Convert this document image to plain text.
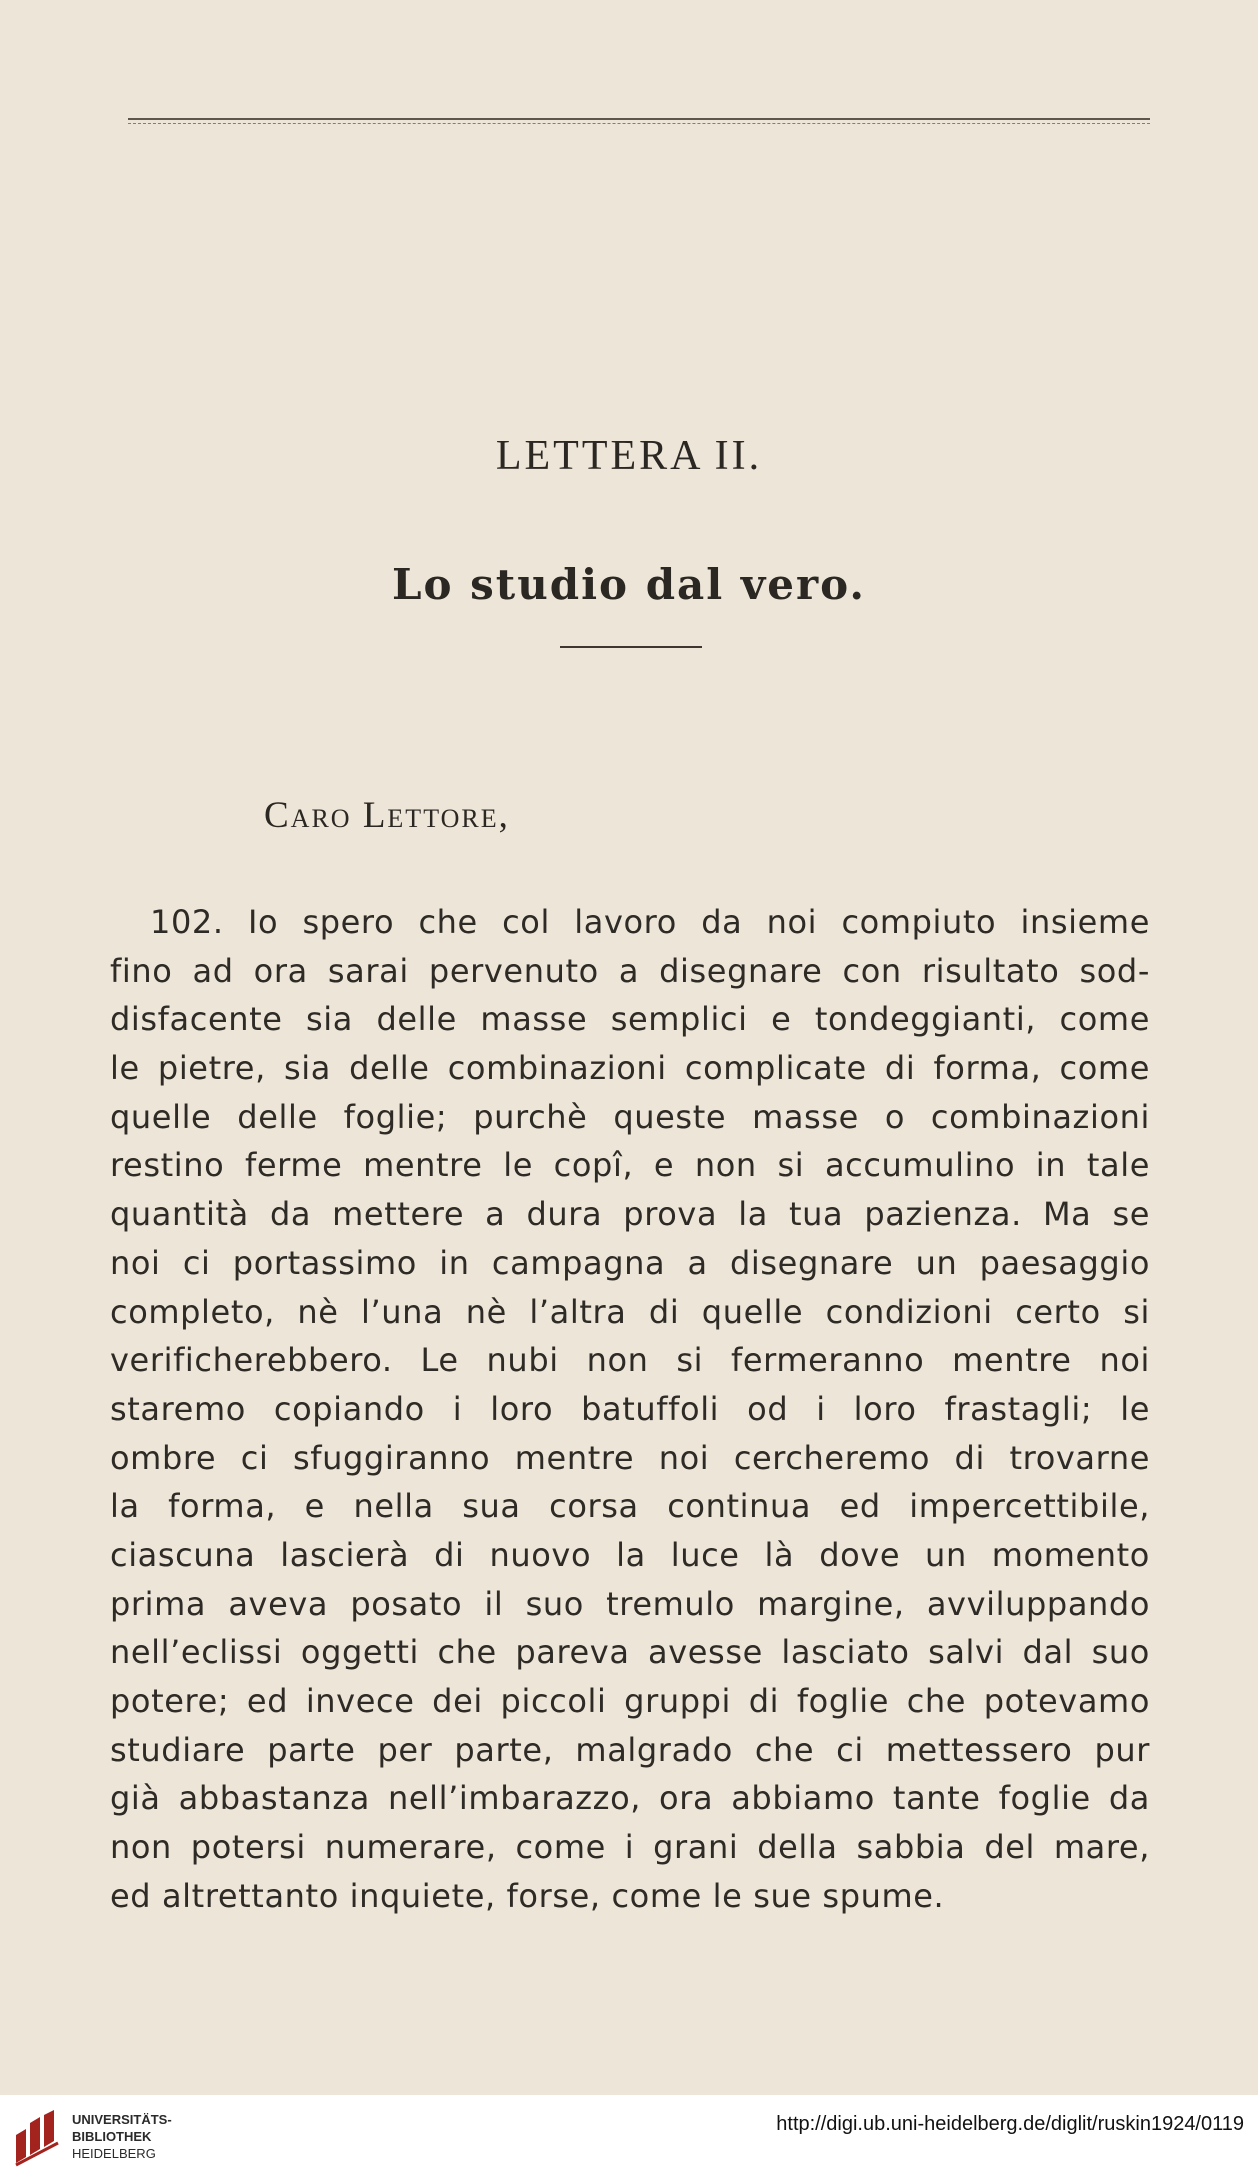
LETTERA II.
Lo studio dal vero.
Caro Lettore,
102. Io spero che col lavoro da noi compiuto insieme
fino ad ora sarai pervenuto a disegnare con risultato sod-
disfacente sia delle masse semplici e tondeggianti, come
le pietre, sia delle combinazioni complicate di forma, come
quelle delle foglie; purchè queste masse o combinazioni
restino ferme mentre le copî, e non si accumulino in tale
quantità da mettere a dura prova la tua pazienza. Ma se
noi ci portassimo in campagna a disegnare un paesaggio
completo, nè l’una nè l’altra di quelle condizioni certo si
verificherebbero. Le nubi non si fermeranno mentre noi
staremo copiando i loro batuffoli od i loro frastagli; le
ombre ci sfuggiranno mentre noi cercheremo di trovarne
la forma, e nella sua corsa continua ed impercettibile,
ciascuna lascierà di nuovo la luce là dove un momento
prima aveva posato il suo tremulo margine, avviluppando
nell’eclissi oggetti che pareva avesse lasciato salvi dal suo
potere; ed invece dei piccoli gruppi di foglie che potevamo
studiare parte per parte, malgrado che ci mettessero pur
già abbastanza nell’imbarazzo, ora abbiamo tante foglie da
non potersi numerare, come i grani della sabbia del mare,
ed altrettanto inquiete, forse, come le sue spume.
UNIVERSITÄTS-
BIBLIOTHEK
HEIDELBERG
http://digi.ub.uni-heidelberg.de/diglit/ruskin1924/0119
